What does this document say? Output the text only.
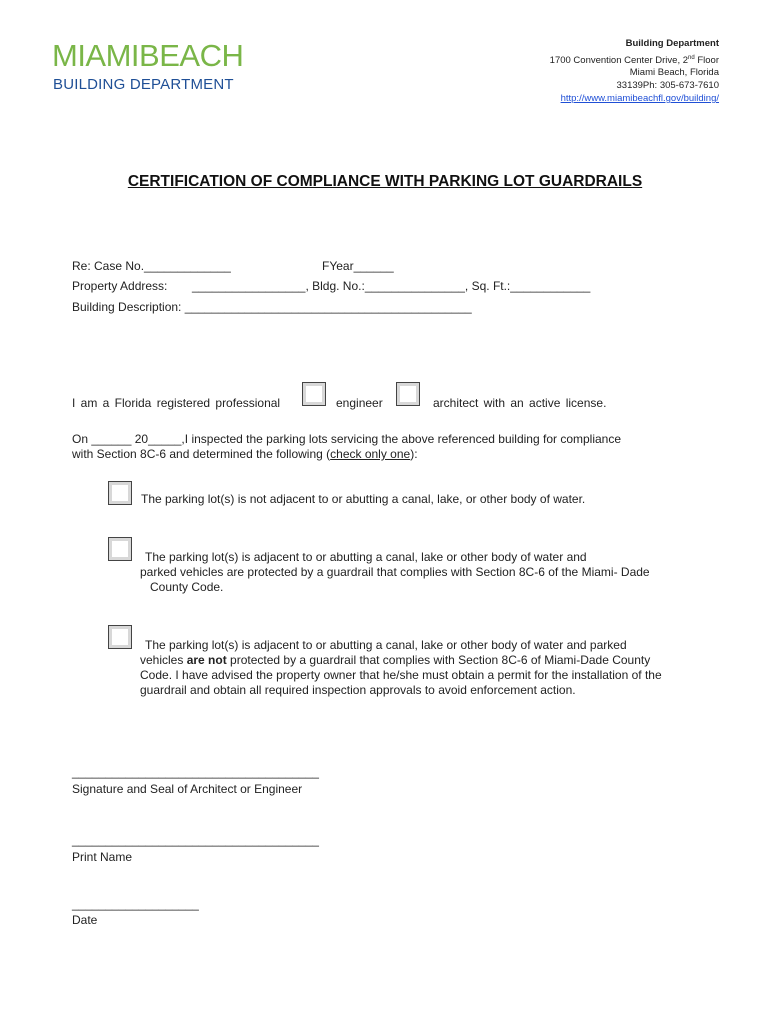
MIAMIBEACH
BUILDING DEPARTMENT
Building Department
1700 Convention Center Drive, 2nd Floor
Miami Beach, Florida
33139Ph: 305-673-7610
http://www.miamibeachfl.gov/building/
CERTIFICATION OF COMPLIANCE WITH PARKING LOT GUARDRAILS
Re: Case No._____________	FYear______
Property Address: _________________, Bldg. No.:_______________, Sq. Ft.:____________
Building Description: ___________________________________________
I am a Florida registered professional	engineer	architect with an active license.
On ______ 20_____,I inspected the parking lots servicing the above referenced building for compliance
with Section 8C-6 and determined the following (check only one):
The parking lot(s) is not adjacent to or abutting a canal, lake, or other body of water.
The parking lot(s) is adjacent to or abutting a canal, lake or other body of water and
parked vehicles are protected by a guardrail that complies with Section 8C-6 of the Miami- Dade
County Code.
The parking lot(s) is adjacent to or abutting a canal, lake or other body of water and parked
vehicles are not protected by a guardrail that complies with Section 8C-6 of Miami-Dade County
Code. I have advised the property owner that he/she must obtain a permit for the installation of the
guardrail and obtain all required inspection approvals to avoid enforcement action.
_____________________________________
Signature and Seal of Architect or Engineer
_____________________________________
Print Name
___________________
Date
